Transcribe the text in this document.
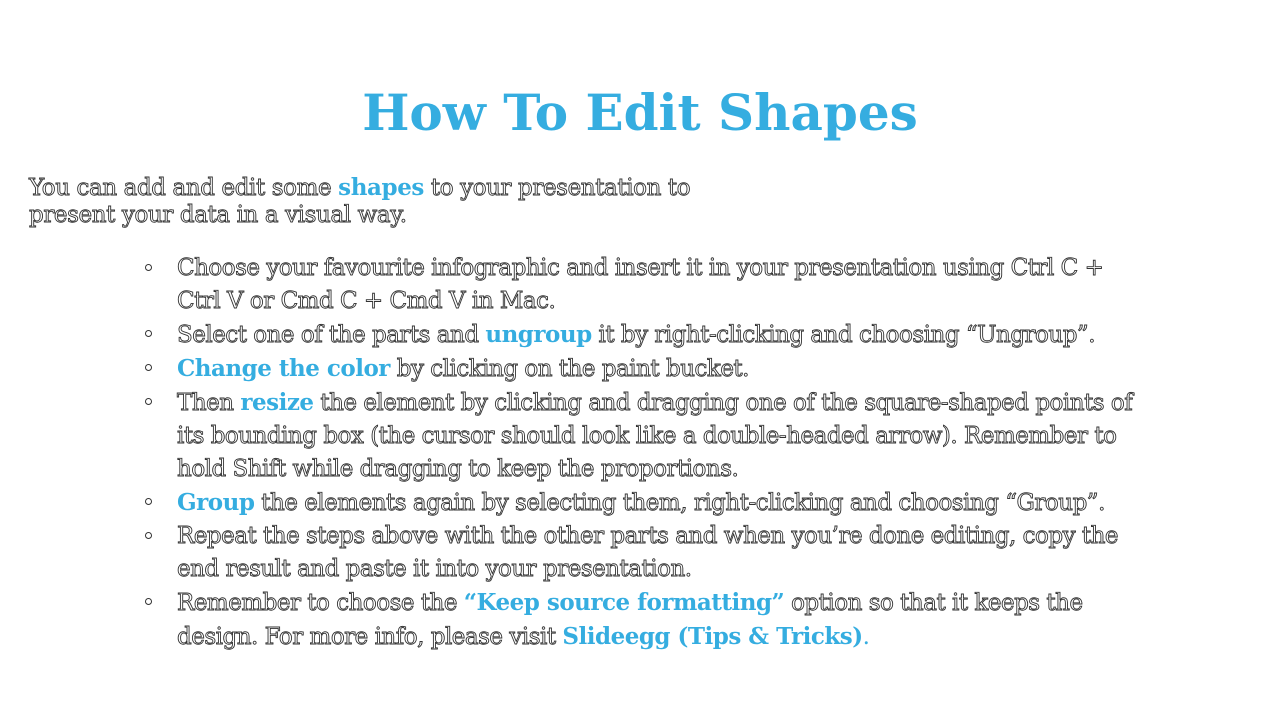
How To Edit Shapes

You can add and edit some shapes to your presentation to present your data in a visual way.

Choose your favourite infographic and insert it in your presentation using Ctrl C + Ctrl V or Cmd C + Cmd V in Mac.
Select one of the parts and ungroup it by right-clicking and choosing “Ungroup”.
Change the color by clicking on the paint bucket.
Then resize the element by clicking and dragging one of the square-shaped points of its bounding box (the cursor should look like a double-headed arrow). Remember to hold Shift while dragging to keep the proportions.
Group the elements again by selecting them, right-clicking and choosing “Group”.
Repeat the steps above with the other parts and when you’re done editing, copy the end result and paste it into your presentation.
Remember to choose the “Keep source formatting” option so that it keeps the design. For more info, please visit Slideegg (Tips & Tricks).
